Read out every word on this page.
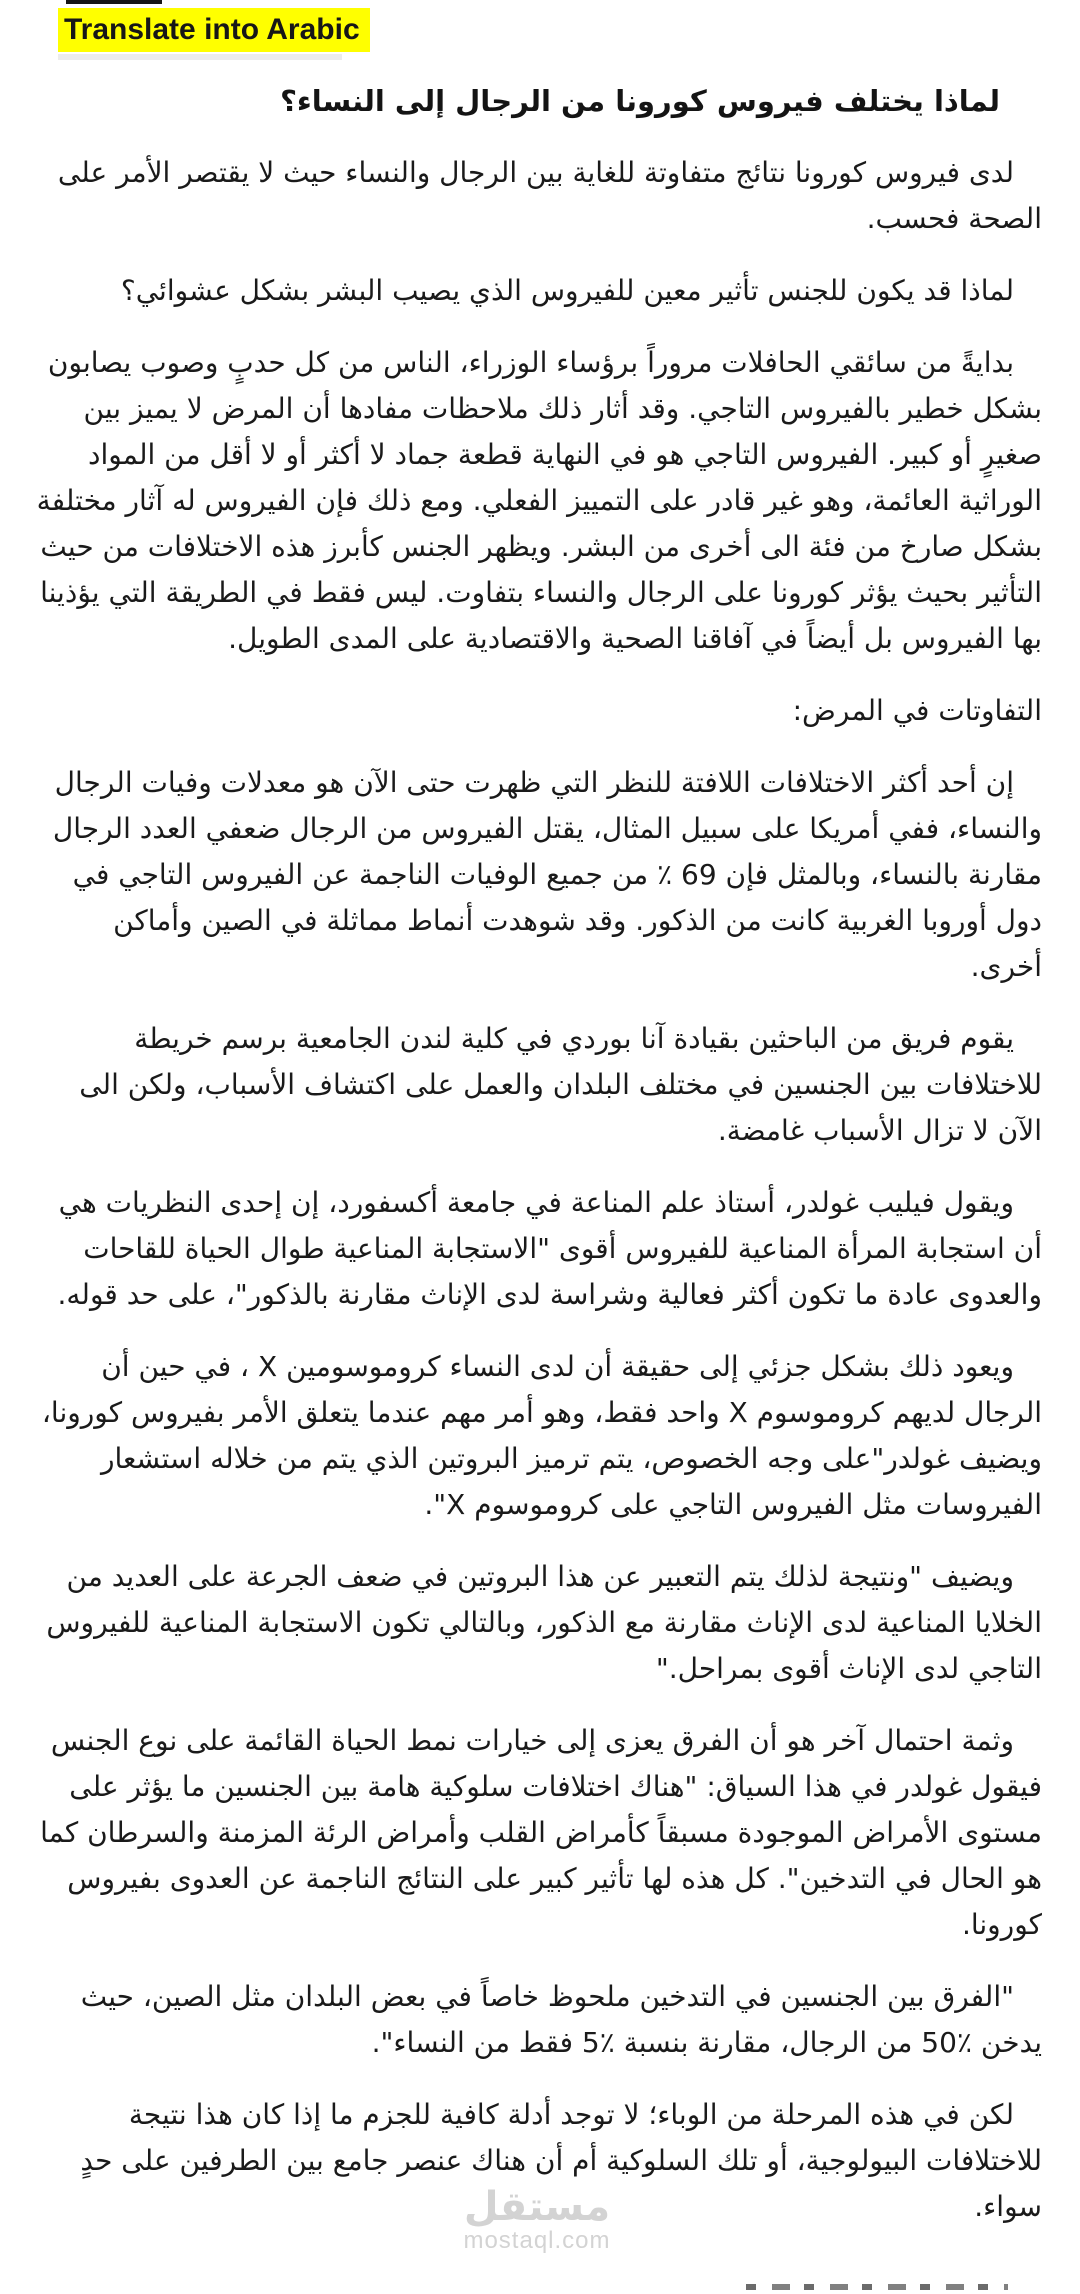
Translate into Arabic
لماذا يختلف فيروس كورونا من الرجال إلى النساء؟

لدى فيروس كورونا نتائج متفاوتة للغاية بين الرجال والنساء حيث لا يقتصر الأمر على الصحة فحسب.

لماذا قد يكون للجنس تأثير معين للفيروس الذي يصيب البشر بشكل عشوائي؟

بدايةً من سائقي الحافلات مروراً برؤساء الوزراء، الناس من كل حدبٍ وصوب يصابون بشكل خطير بالفيروس التاجي. وقد أثار ذلك ملاحظات مفادها أن المرض لا يميز بين صغيرٍ أو كبير. الفيروس التاجي هو في النهاية قطعة جماد لا أكثر أو لا أقل من المواد الوراثية العائمة، وهو غير قادر على التمييز الفعلي. ومع ذلك فإن الفيروس له آثار مختلفة بشكل صارخ من فئة الى أخرى من البشر. ويظهر الجنس كأبرز هذه الاختلافات من حيث التأثير بحيث يؤثر كورونا على الرجال والنساء بتفاوت. ليس فقط في الطريقة التي يؤذينا بها الفيروس بل أيضاً في آفاقنا الصحية والاقتصادية على المدى الطويل.

التفاوتات في المرض:

إن أحد أكثر الاختلافات اللافتة للنظر التي ظهرت حتى الآن هو معدلات وفيات الرجال والنساء، ففي أمريكا على سبيل المثال، يقتل الفيروس من الرجال ضعفي العدد الرجال مقارنة بالنساء، وبالمثل فإن 69 ٪ من جميع الوفيات الناجمة عن الفيروس التاجي في دول أوروبا الغربية كانت من الذكور. وقد شوهدت أنماط مماثلة في الصين وأماكن أخرى.

يقوم فريق من الباحثين بقيادة آنا بوردي في كلية لندن الجامعية برسم خريطة للاختلافات بين الجنسين في مختلف البلدان والعمل على اكتشاف الأسباب، ولكن الى الآن لا تزال الأسباب غامضة.

ويقول فيليب غولدر، أستاذ علم المناعة في جامعة أكسفورد، إن إحدى النظريات هي أن استجابة المرأة المناعية للفيروس أقوى "الاستجابة المناعية طوال الحياة للقاحات والعدوى عادة ما تكون أكثر فعالية وشراسة لدى الإناث مقارنة بالذكور"، على حد قوله.

ويعود ذلك بشكل جزئي إلى حقيقة أن لدى النساء كروموسومين X ، في حين أن الرجال لديهم كروموسوم X واحد فقط، وهو أمر مهم عندما يتعلق الأمر بفيروس كورونا، ويضيف غولدر"على وجه الخصوص، يتم ترميز البروتين الذي يتم من خلاله استشعار الفيروسات مثل الفيروس التاجي على كروموسوم X".

ويضيف "ونتيجة لذلك يتم التعبير عن هذا البروتين في ضعف الجرعة على العديد من الخلايا المناعية لدى الإناث مقارنة مع الذكور، وبالتالي تكون الاستجابة المناعية للفيروس التاجي لدى الإناث أقوى بمراحل."

وثمة احتمال آخر هو أن الفرق يعزى إلى خيارات نمط الحياة القائمة على نوع الجنس فيقول غولدر في هذا السياق: "هناك اختلافات سلوكية هامة بين الجنسين ما يؤثر على مستوى الأمراض الموجودة مسبقاً كأمراض القلب وأمراض الرئة المزمنة والسرطان كما هو الحال في التدخين". كل هذه لها تأثير كبير على النتائج الناجمة عن العدوى بفيروس كورونا.

"الفرق بين الجنسين في التدخين ملحوظ خاصاً في بعض البلدان مثل الصين، حيث يدخن ٪50 من الرجال، مقارنة بنسبة ٪5 فقط من النساء".

لكن في هذه المرحلة من الوباء؛ لا توجد أدلة كافية للجزم ما إذا كان هذا نتيجة للاختلافات البيولوجية، أو تلك السلوكية أم أن هناك عنصر جامع بين الطرفين على حدٍ سواء.

مستقل
mostaql.com
